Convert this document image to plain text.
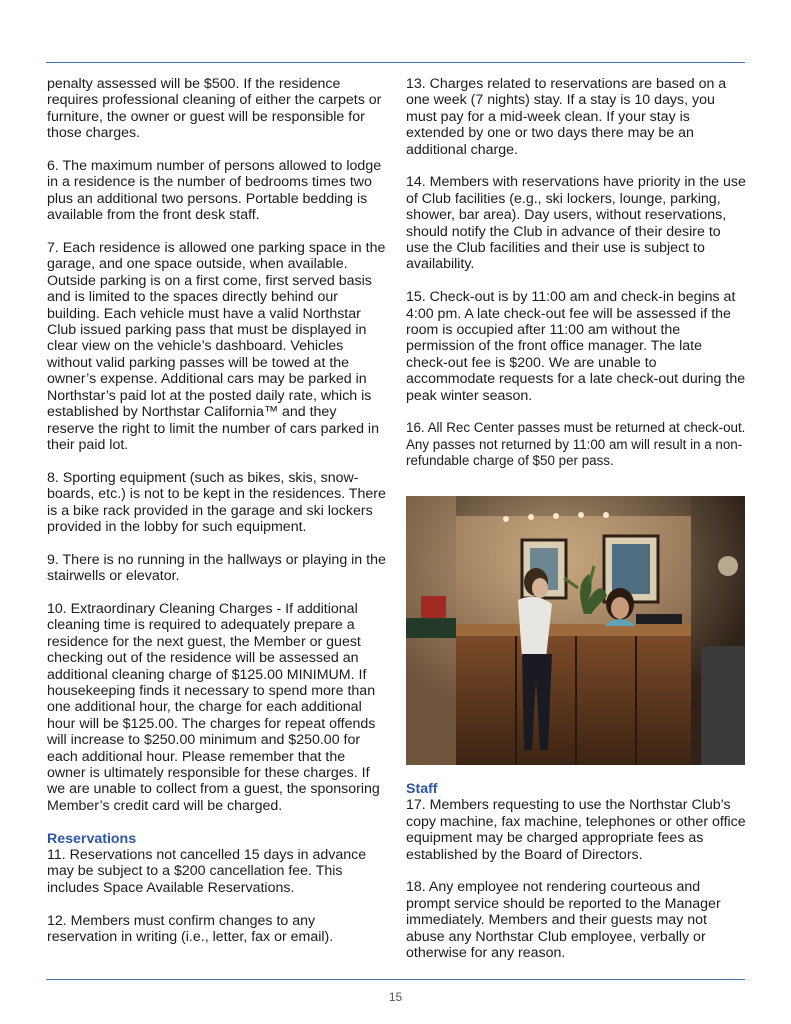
penalty assessed will be $500. If the residence requires professional cleaning of either the carpets or furniture, the owner or guest will be responsible for those charges.

6. The maximum number of persons allowed to lodge in a residence is the number of bedrooms times two plus an additional two persons. Portable bedding is available from the front desk staff.

7. Each residence is allowed one parking space in the garage, and one space outside, when available. Outside parking is on a first come, first served basis and is limited to the spaces directly behind our building. Each vehicle must have a valid Northstar Club issued parking pass that must be displayed in clear view on the vehicle’s dashboard. Vehicles without valid parking passes will be towed at the owner’s expense. Additional cars may be parked in Northstar’s paid lot at the posted daily rate, which is established by Northstar California™ and they reserve the right to limit the number of cars parked in their paid lot.

8. Sporting equipment (such as bikes, skis, snow-boards, etc.) is not to be kept in the residences. There is a bike rack provided in the garage and ski lockers provided in the lobby for such equipment.

9. There is no running in the hallways or playing in the stairwells or elevator.

10. Extraordinary Cleaning Charges - If additional cleaning time is required to adequately prepare a residence for the next guest, the Member or guest checking out of the residence will be assessed an additional cleaning charge of $125.00 MINIMUM. If housekeeping finds it necessary to spend more than one additional hour, the charge for each additional hour will be $125.00. The charges for repeat offends will increase to $250.00 minimum and $250.00 for each additional hour. Please remember that the owner is ultimately responsible for these charges. If we are unable to collect from a guest, the sponsoring Member’s credit card will be charged.

Reservations

11. Reservations not cancelled 15 days in advance may be subject to a $200 cancellation fee. This includes Space Available Reservations.

12. Members must confirm changes to any reservation in writing (i.e., letter, fax or email).

13. Charges related to reservations are based on a one week (7 nights) stay. If a stay is 10 days, you must pay for a mid-week clean. If your stay is extended by one or two days there may be an additional charge.

14. Members with reservations have priority in the use of Club facilities (e.g., ski lockers, lounge, parking, shower, bar area). Day users, without reservations, should notify the Club in advance of their desire to use the Club facilities and their use is subject to availability.

15. Check-out is by 11:00 am and check-in begins at 4:00 pm. A late check-out fee will be assessed if the room is occupied after 11:00 am without the permission of the front office manager. The late check-out fee is $200. We are unable to accommodate requests for a late check-out during the peak winter season.

16. All Rec Center passes must be returned at check-out. Any passes not returned by 11:00 am will result in a non-refundable charge of $50 per pass.

Staff

17. Members requesting to use the Northstar Club’s copy machine, fax machine, telephones or other office equipment may be charged appropriate fees as established by the Board of Directors.

18. Any employee not rendering courteous and prompt service should be reported to the Manager immediately. Members and their guests may not abuse any Northstar Club employee, verbally or otherwise for any reason.

15
